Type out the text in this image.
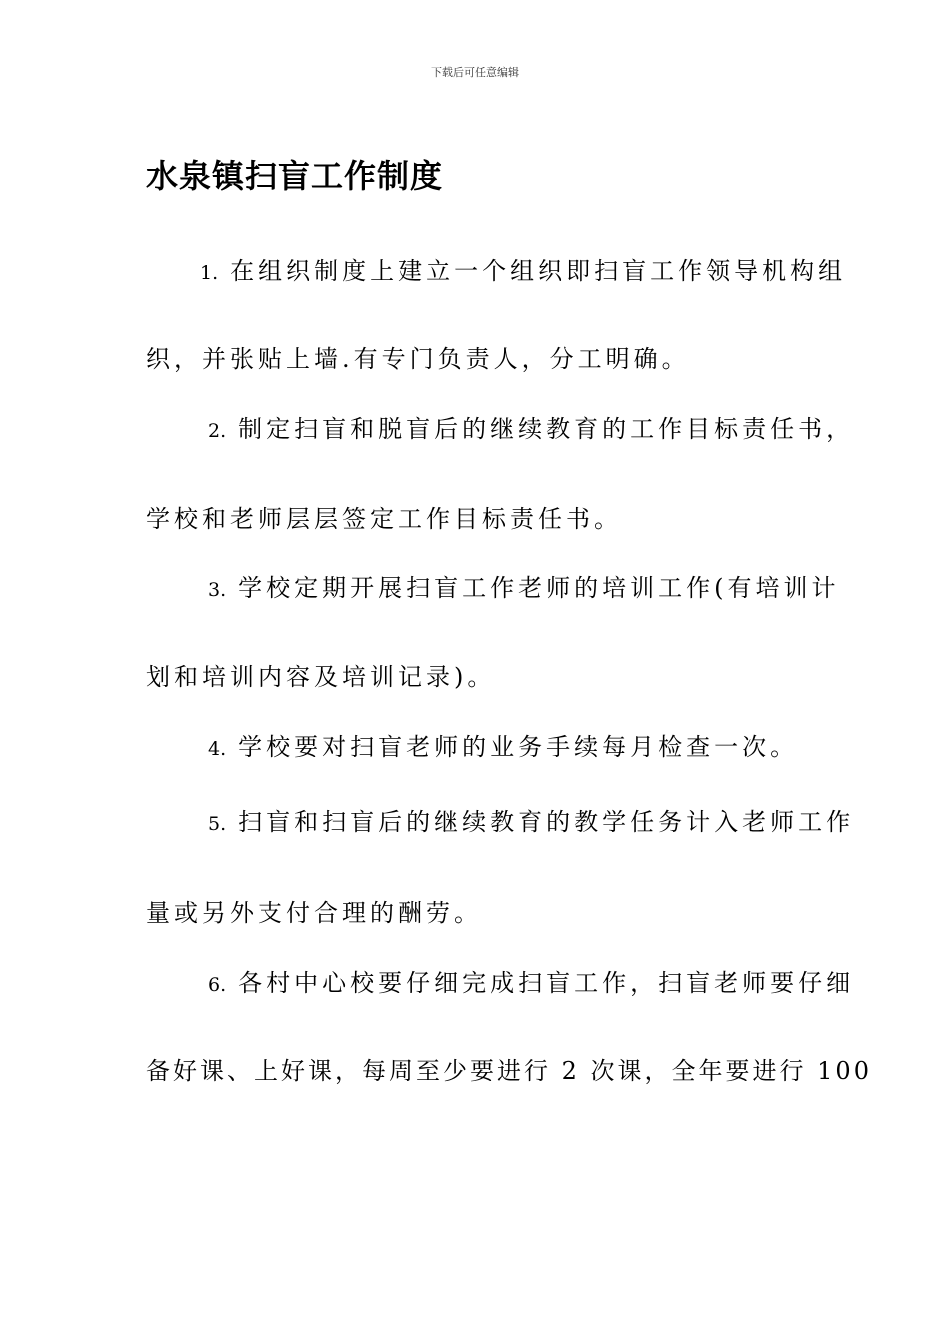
下载后可任意编辑
水泉镇扫盲工作制度
1. 在组织制度上建立一个组织即扫盲工作领导机构组
织，并张贴上墙.有专门负责人，分工明确。
2. 制定扫盲和脱盲后的继续教育的工作目标责任书，
学校和老师层层签定工作目标责任书。
3. 学校定期开展扫盲工作老师的培训工作(有培训计
划和培训内容及培训记录)。
4. 学校要对扫盲老师的业务手续每月检查一次。
5. 扫盲和扫盲后的继续教育的教学任务计入老师工作
量或另外支付合理的酬劳。
6. 各村中心校要仔细完成扫盲工作，扫盲老师要仔细
备好课、上好课，每周至少要进行 2 次课，全年要进行 100
